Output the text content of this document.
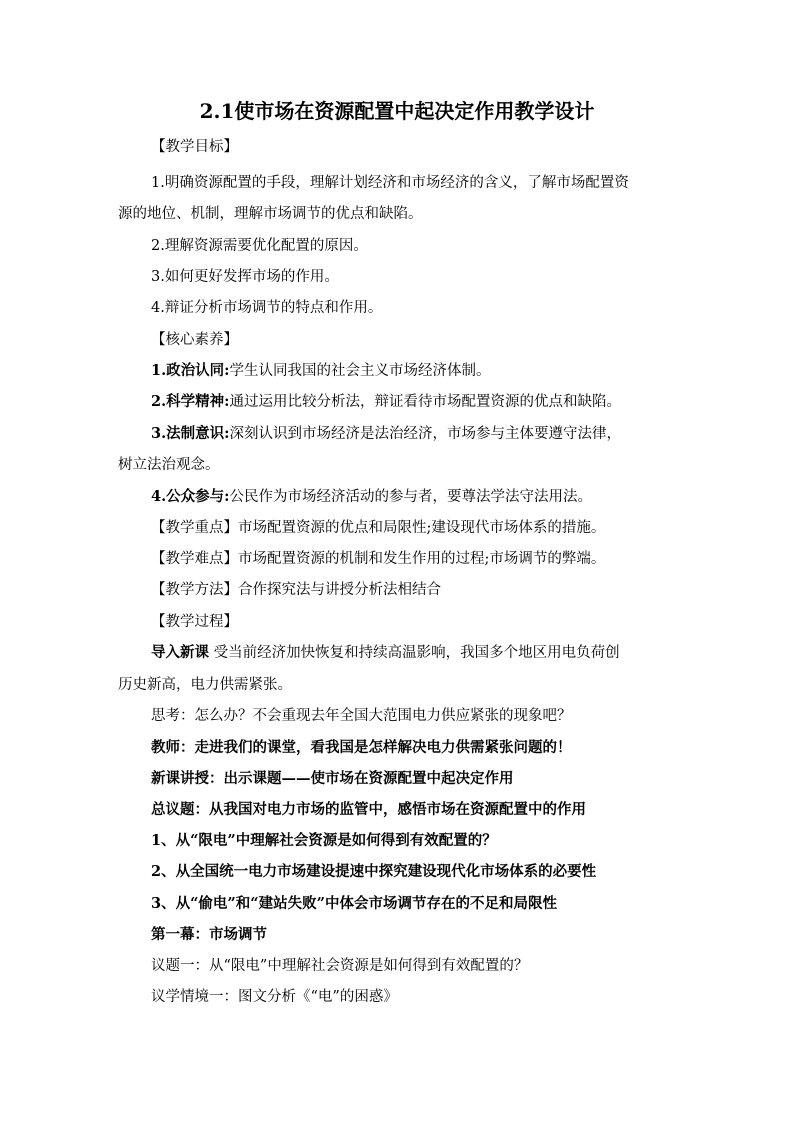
2.1使市场在资源配置中起决定作用教学设计
【教学目标】
1.明确资源配置的手段，理解计划经济和市场经济的含义，了解市场配置资
源的地位、机制，理解市场调节的优点和缺陷。
2.理解资源需要优化配置的原因。
3.如何更好发挥市场的作用。
4.辩证分析市场调节的特点和作用。
【核心素养】
1.政治认同:学生认同我国的社会主义市场经济体制。
2.科学精神:通过运用比较分析法，辩证看待市场配置资源的优点和缺陷。
3.法制意识:深刻认识到市场经济是法治经济，市场参与主体要遵守法律，
树立法治观念。
4.公众参与:公民作为市场经济活动的参与者，要尊法学法守法用法。
【教学重点】市场配置资源的优点和局限性;建设现代市场体系的措施。
【教学难点】市场配置资源的机制和发生作用的过程;市场调节的弊端。
【教学方法】合作探究法与讲授分析法相结合
【教学过程】
导入新课 受当前经济加快恢复和持续高温影响，我国多个地区用电负荷创
历史新高，电力供需紧张。
思考：怎么办？不会重现去年全国大范围电力供应紧张的现象吧？
教师：走进我们的课堂，看我国是怎样解决电力供需紧张问题的！
新课讲授：出示课题——使市场在资源配置中起决定作用
总议题：从我国对电力市场的监管中，感悟市场在资源配置中的作用
1、从“限电”中理解社会资源是如何得到有效配置的？
2、从全国统一电力市场建设提速中探究建设现代化市场体系的必要性
3、从“偷电”和“建站失败”中体会市场调节存在的不足和局限性
第一幕：市场调节
议题一：从“限电”中理解社会资源是如何得到有效配置的？
议学情境一：图文分析《“电”的困惑》
